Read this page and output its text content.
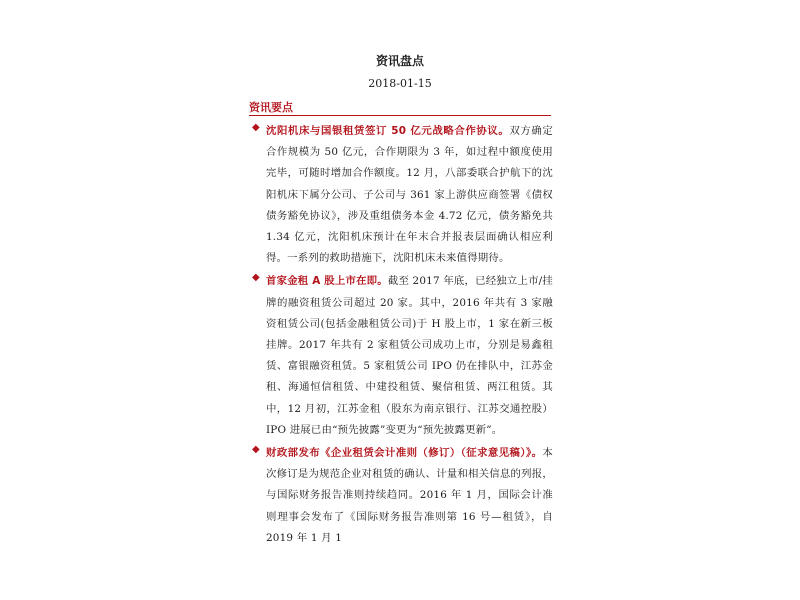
资讯盘点
2018-01-15
资讯要点
◆ 沈阳机床与国银租赁签订 50 亿元战略合作协议。双方确定合作规模为 50 亿元，合作期限为 3 年，如过程中额度使用完毕，可随时增加合作额度。12 月，八部委联合护航下的沈阳机床下属分公司、子公司与 361 家上游供应商签署《债权债务豁免协议》，涉及重组债务本金 4.72 亿元，债务豁免共 1.34 亿元，沈阳机床预计在年末合并报表层面确认相应利得。一系列的救助措施下，沈阳机床未来值得期待。
◆ 首家金租 A 股上市在即。截至 2017 年底，已经独立上市/挂牌的融资租赁公司超过 20 家。其中，2016 年共有 3 家融资租赁公司(包括金融租赁公司)于 H 股上市，1 家在新三板挂牌。2017 年共有 2 家租赁公司成功上市，分别是易鑫租赁、富银融资租赁。5 家租赁公司 IPO 仍在排队中，江苏金租、海通恒信租赁、中建投租赁、聚信租赁、两江租赁。其中，12 月初，江苏金租（股东为南京银行、江苏交通控股）IPO 进展已由“预先披露”变更为“预先披露更新”。
◆ 财政部发布《企业租赁会计准则（修订）（征求意见稿）》。本次修订是为规范企业对租赁的确认、计量和相关信息的列报，与国际财务报告准则持续趋同。2016 年 1 月，国际会计准则理事会发布了《国际财务报告准则第 16 号—租赁》，自 2019 年 1 月 1
